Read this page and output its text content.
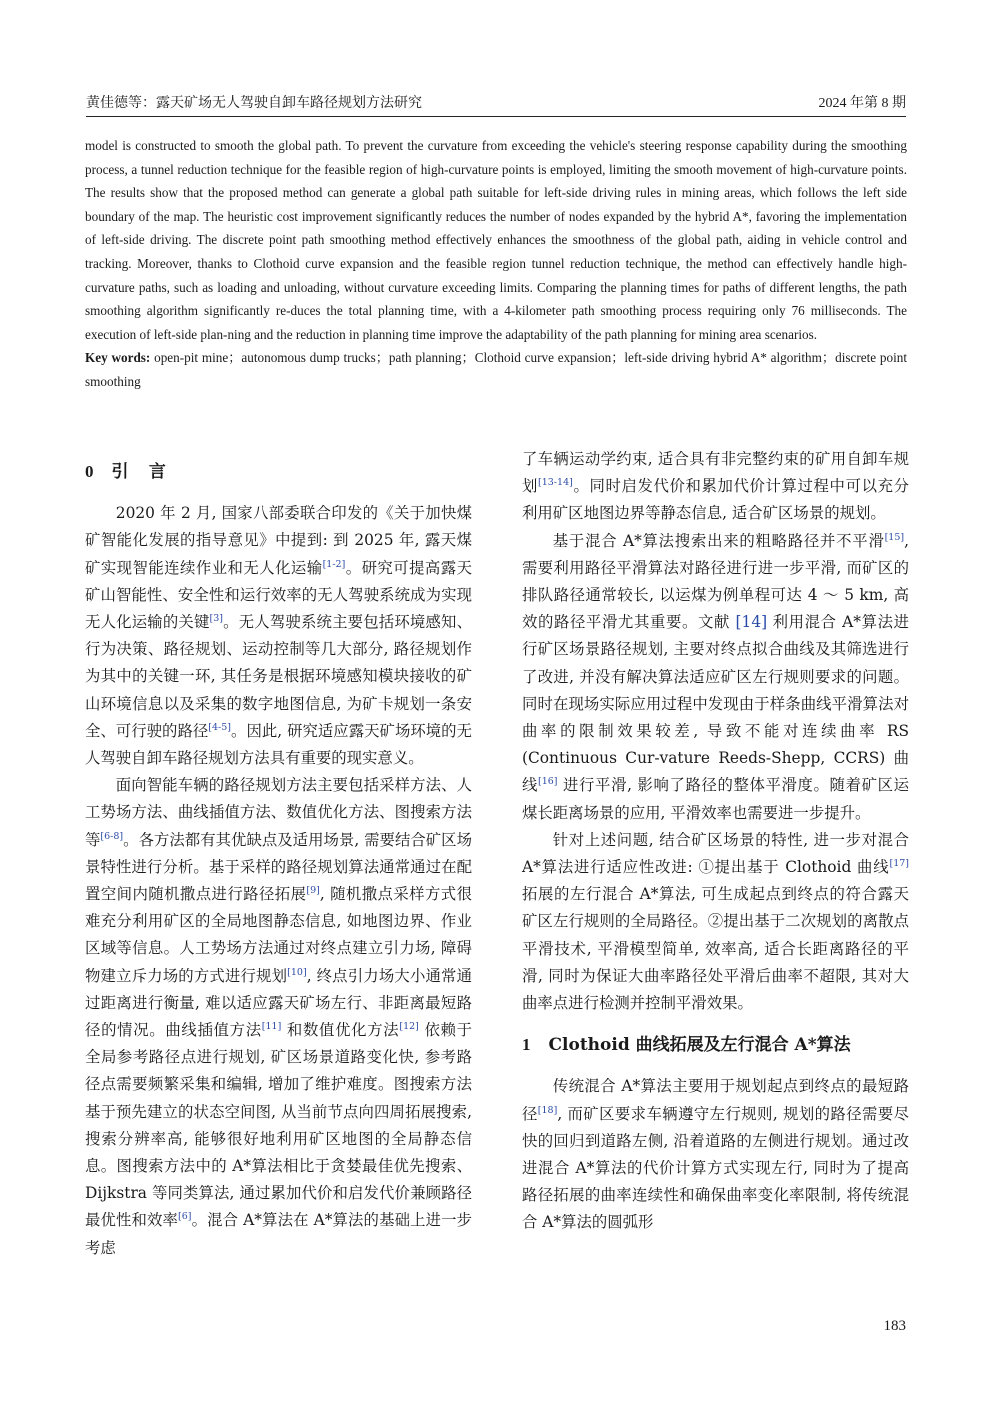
黄佳德等：露天矿场无人驾驶自卸车路径规划方法研究	2024 年第 8 期

model is constructed to smooth the global path. To prevent the curvature from exceeding the vehicle's steering response capability during the smoothing process, a tunnel reduction technique for the feasible region of high-curvature points is employed, limiting the smooth movement of high-curvature points. The results show that the proposed method can generate a global path suitable for left-side driving rules in mining areas, which follows the left side boundary of the map. The heuristic cost improvement significantly reduces the number of nodes expanded by the hybrid A*, favoring the implementation of left-side driving. The discrete point path smoothing method effectively enhances the smoothness of the global path, aiding in vehicle control and tracking. Moreover, thanks to Clothoid curve expansion and the feasible region tunnel reduction technique, the method can effectively handle high-curvature paths, such as loading and unloading, without curvature exceeding limits. Comparing the planning times for paths of different lengths, the path smoothing algorithm significantly re-duces the total planning time, with a 4-kilometer path smoothing process requiring only 76 milliseconds. The execution of left-side plan-ning and the reduction in planning time improve the adaptability of the path planning for mining area scenarios.

Key words: open-pit mine；autonomous dump trucks；path planning；Clothoid curve expansion；left-side driving hybrid A* algorithm；discrete point smoothing

0 引言

2020 年 2 月, 国家八部委联合印发的《关于加快煤矿智能化发展的指导意见》中提到: 到 2025 年, 露天煤矿实现智能连续作业和无人化运输[1-2]。研究可提高露天矿山智能性、安全性和运行效率的无人驾驶系统成为实现无人化运输的关键[3]。无人驾驶系统主要包括环境感知、行为决策、路径规划、运动控制等几大部分, 路径规划作为其中的关键一环, 其任务是根据环境感知模块接收的矿山环境信息以及采集的数字地图信息, 为矿卡规划一条安全、可行驶的路径[4-5]。因此, 研究适应露天矿场环境的无人驾驶自卸车路径规划方法具有重要的现实意义。

面向智能车辆的路径规划方法主要包括采样方法、人工势场方法、曲线插值方法、数值优化方法、图搜索方法等[6-8]。各方法都有其优缺点及适用场景, 需要结合矿区场景特性进行分析。基于采样的路径规划算法通常通过在配置空间内随机撒点进行路径拓展[9], 随机撒点采样方式很难充分利用矿区的全局地图静态信息, 如地图边界、作业区域等信息。人工势场方法通过对终点建立引力场, 障碍物建立斥力场的方式进行规划[10], 终点引力场大小通常通过距离进行衡量, 难以适应露天矿场左行、非距离最短路径的情况。曲线插值方法[11] 和数值优化方法[12] 依赖于全局参考路径点进行规划, 矿区场景道路变化快, 参考路径点需要频繁采集和编辑, 增加了维护难度。图搜索方法基于预先建立的状态空间图, 从当前节点向四周拓展搜索, 搜索分辨率高, 能够很好地利用矿区地图的全局静态信息。图搜索方法中的 A*算法相比于贪婪最佳优先搜索、Dijkstra 等同类算法, 通过累加代价和启发代价兼顾路径最优性和效率[6]。混合 A*算法在 A*算法的基础上进一步考虑

了车辆运动学约束, 适合具有非完整约束的矿用自卸车规划[13-14]。同时启发代价和累加代价计算过程中可以充分利用矿区地图边界等静态信息, 适合矿区场景的规划。

基于混合 A*算法搜索出来的粗略路径并不平滑[15], 需要利用路径平滑算法对路径进行进一步平滑, 而矿区的排队路径通常较长, 以运煤为例单程可达 4 ～ 5 km, 高效的路径平滑尤其重要。文献 [14] 利用混合 A*算法进行矿区场景路径规划, 主要对终点拟合曲线及其筛选进行了改进, 并没有解决算法适应矿区左行规则要求的问题。同时在现场实际应用过程中发现由于样条曲线平滑算法对曲率的限制效果较差, 导致不能对连续曲率 RS (Continuous Cur-vature Reeds-Shepp, CCRS) 曲线[16] 进行平滑, 影响了路径的整体平滑度。随着矿区运煤长距离场景的应用, 平滑效率也需要进一步提升。

针对上述问题, 结合矿区场景的特性, 进一步对混合 A*算法进行适应性改进: ①提出基于 Clothoid 曲线[17] 拓展的左行混合 A*算法, 可生成起点到终点的符合露天矿区左行规则的全局路径。②提出基于二次规划的离散点平滑技术, 平滑模型简单, 效率高, 适合长距离路径的平滑, 同时为保证大曲率路径处平滑后曲率不超限, 其对大曲率点进行检测并控制平滑效果。

1 Clothoid 曲线拓展及左行混合 A*算法

传统混合 A*算法主要用于规划起点到终点的最短路径[18], 而矿区要求车辆遵守左行规则, 规划的路径需要尽快的回归到道路左侧, 沿着道路的左侧进行规划。通过改进混合 A*算法的代价计算方式实现左行, 同时为了提高路径拓展的曲率连续性和确保曲率变化率限制, 将传统混合 A*算法的圆弧形

183
